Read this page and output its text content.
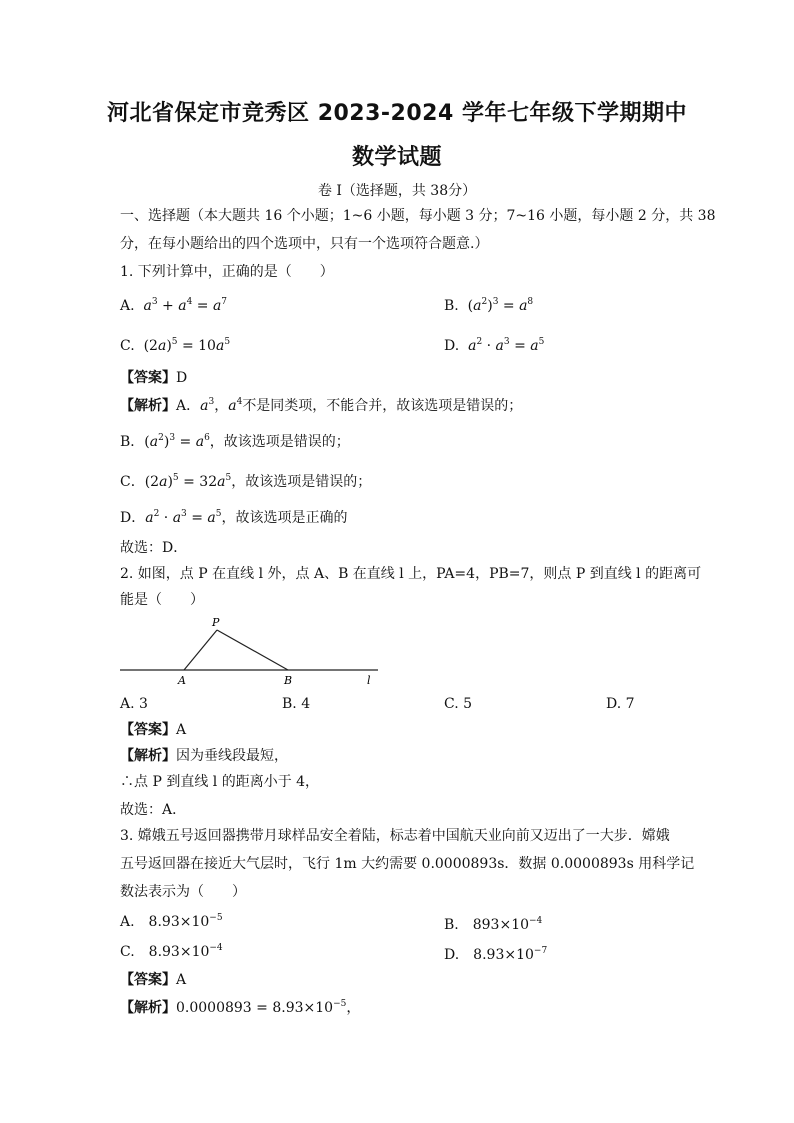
河北省保定市竞秀区 2023-2024 学年七年级下学期期中
数学试题
卷 I（选择题，共 38分）
一、选择题（本大题共 16 个小题；1~6 小题，每小题 3 分；7~16 小题，每小题 2 分，共 38
分，在每小题给出的四个选项中，只有一个选项符合题意.）
1. 下列计算中，正确的是（　　）
A. $a^3 + a^4 = a^7$	B.  $(a^2)^3 = a^8$
C.  $(2a)^5 = 10a^5$	D. $a^2 \cdot a^3 = a^5$
【答案】D
【解析】A．$a^3$，$a^4$不是同类项，不能合并，故该选项是错误的；
B．$(a^2)^3 = a^6$，故该选项是错误的；
C．$(2a)^5 = 32a^5$，故该选项是错误的；
D．$a^2 \cdot a^3 = a^5$，故该选项是正确的
故选：D．
2. 如图，点 P 在直线 l 外，点 A、B 在直线 l 上，PA=4，PB=7，则点 P 到直线 l 的距离可
能是（　　）
P
A	B	l
A. 3	B. 4	C. 5	D. 7
【答案】A
【解析】因为垂线段最短，
∴点 P 到直线 l 的距离小于 4，
故选：A．
3. 嫦娥五号返回器携带月球样品安全着陆，标志着中国航天业向前又迈出了一大步．嫦娥
五号返回器在接近大气层时，飞行 1m 大约需要 0.0000893s．数据 0.0000893s 用科学记
数法表示为（　　）
A.　$8.93\times 10^{-5}$	B.　$893\times 10^{-4}$
C.　$8.93\times 10^{-4}$	D.　$8.93\times 10^{-7}$
【答案】A
【解析】$0.0000893 = 8.93\times 10^{-5}$，
